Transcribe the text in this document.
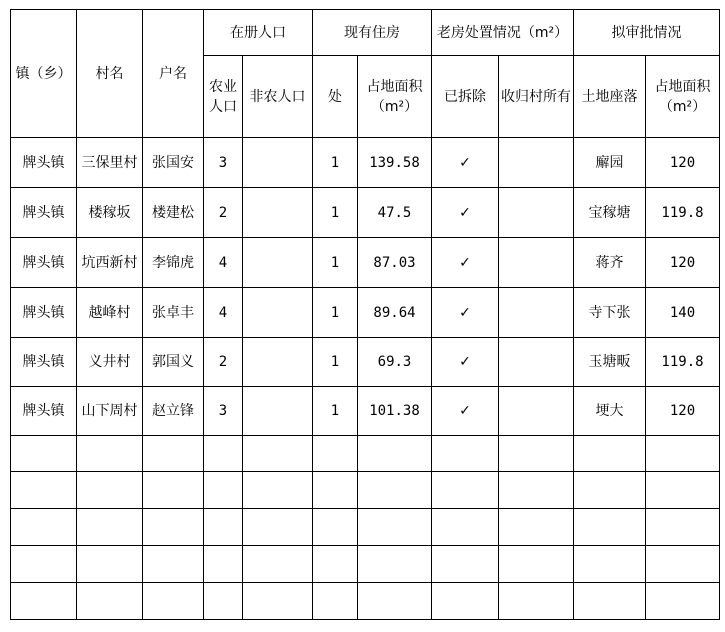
镇（乡）	村名	户名	在册人口		现有住房		老房处置情况（m²）		拟审批情况	
			农业人口	非农人口	处	占地面积（m²）	已拆除	收归村所有	土地座落	占地面积（m²）
牌头镇	三保里村	张国安	3		1	139.58	✓		廨园	120
牌头镇	楼稼坂	楼建松	2		1	47.5	✓		宝稼塘	119.8
牌头镇	坑西新村	李锦虎	4		1	87.03	✓		蒋齐	120
牌头镇	越峰村	张卓丰	4		1	89.64	✓		寺下张	140
牌头镇	义井村	郭国义	2		1	69.3	✓		玉塘畈	119.8
牌头镇	山下周村	赵立锋	3		1	101.38	✓		埂大	120
